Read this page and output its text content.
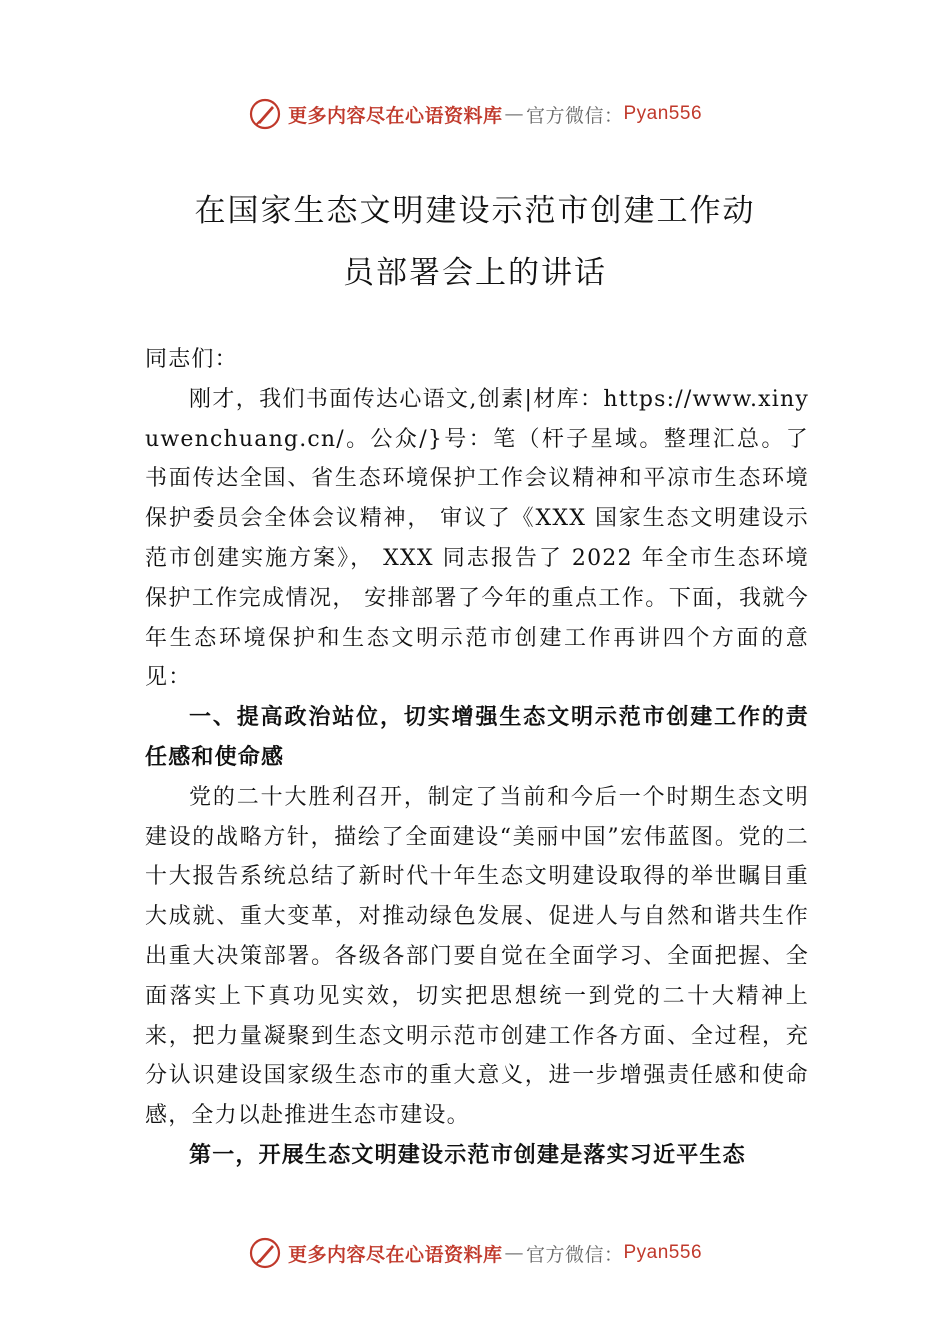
更多内容尽在心语资料库 — 官方微信： Pyan556
在国家生态文明建设示范市创建工作动
员部署会上的讲话

同志们：

刚才，我们书面传达心语文,创素|材库：https://www.xinyuwenchuang.cn/。公众/}号：笔（杆子星域。整理汇总。了书面传达全国、省生态环境保护工作会议精神和平凉市生态环境保护委员会全体会议精神， 审议了《XXX 国家生态文明建设示范市创建实施方案》， XXX 同志报告了 2022 年全市生态环境保护工作完成情况， 安排部署了今年的重点工作。下面，我就今年生态环境保护和生态文明示范市创建工作再讲四个方面的意见：

一、提高政治站位，切实增强生态文明示范市创建工作的责任感和使命感

党的二十大胜利召开，制定了当前和今后一个时期生态文明建设的战略方针，描绘了全面建设“美丽中国”宏伟蓝图。党的二十大报告系统总结了新时代十年生态文明建设取得的举世瞩目重大成就、重大变革，对推动绿色发展、促进人与自然和谐共生作出重大决策部署。各级各部门要自觉在全面学习、全面把握、全面落实上下真功见实效，切实把思想统一到党的二十大精神上来，把力量凝聚到生态文明示范市创建工作各方面、全过程，充分认识建设国家级生态市的重大意义，进一步增强责任感和使命感，全力以赴推进生态市建设。

第一，开展生态文明建设示范市创建是落实习近平生态

更多内容尽在心语资料库 — 官方微信： Pyan556
